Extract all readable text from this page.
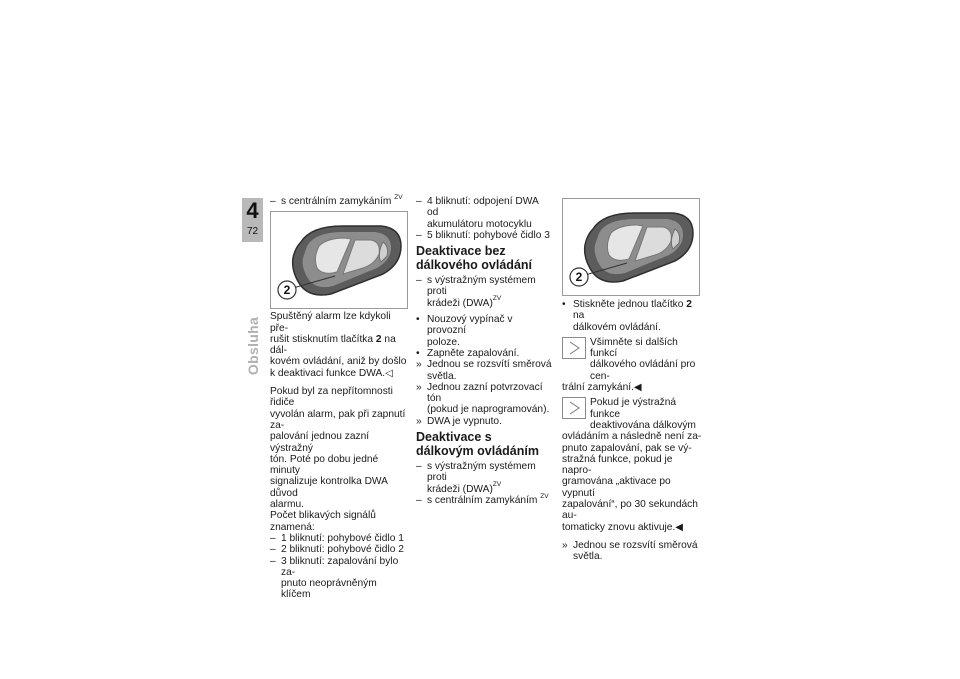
4
72
Obsluha
2
2

– s centrálním zamykáním $^{ZV}$

Spuštěný alarm lze kdykoli pře-
rušit stisknutím tlačítka 2 na dál-
kovém ovládání, aniž by došlo
k deaktivaci funkce DWA.◁

Pokud byl za nepřítomnosti řidiče
vyvolán alarm, pak při zapnutí za-
palování jednou zazní výstražný
tón. Poté po dobu jedné minuty
signalizuje kontrolka DWA důvod
alarmu.

Počet blikavých signálů znamená:

– 1 bliknutí: pohybové čidlo 1

– 2 bliknutí: pohybové čidlo 2

– 3 bliknutí: zapalování bylo za-
pnuto neoprávněným klíčem

– 4 bliknutí: odpojení DWA od
akumulátoru motocyklu

– 5 bliknutí: pohybové čidlo 3

Deaktivace bez dálkového ovládání

– s výstražným systémem proti
krádeži (DWA)$^{ZV}$

• Nouzový vypínač v provozní
poloze.

• Zapněte zapalování.

» Jednou se rozsvítí směrová
světla.

» Jednou zazní potvrzovací tón
(pokud je naprogramován).

» DWA je vypnuto.

Deaktivace s dálkovým ovládáním

– s výstražným systémem proti
krádeži (DWA)$^{ZV}$

– s centrálním zamykáním $^{ZV}$

• Stiskněte jednou tlačítko 2 na
dálkovém ovládání.

Všimněte si dalších funkcí
dálkového ovládání pro cen-
trální zamykání.◀

Pokud je výstražná funkce
deaktivována dálkovým
ovládáním a následně není za-
pnuto zapalování, pak se vý-
stražná funkce, pokud je napro-
gramována „aktivace po vypnutí
zapalování“, po 30 sekundách au-
tomaticky znovu aktivuje.◀

» Jednou se rozsvítí směrová
světla.
